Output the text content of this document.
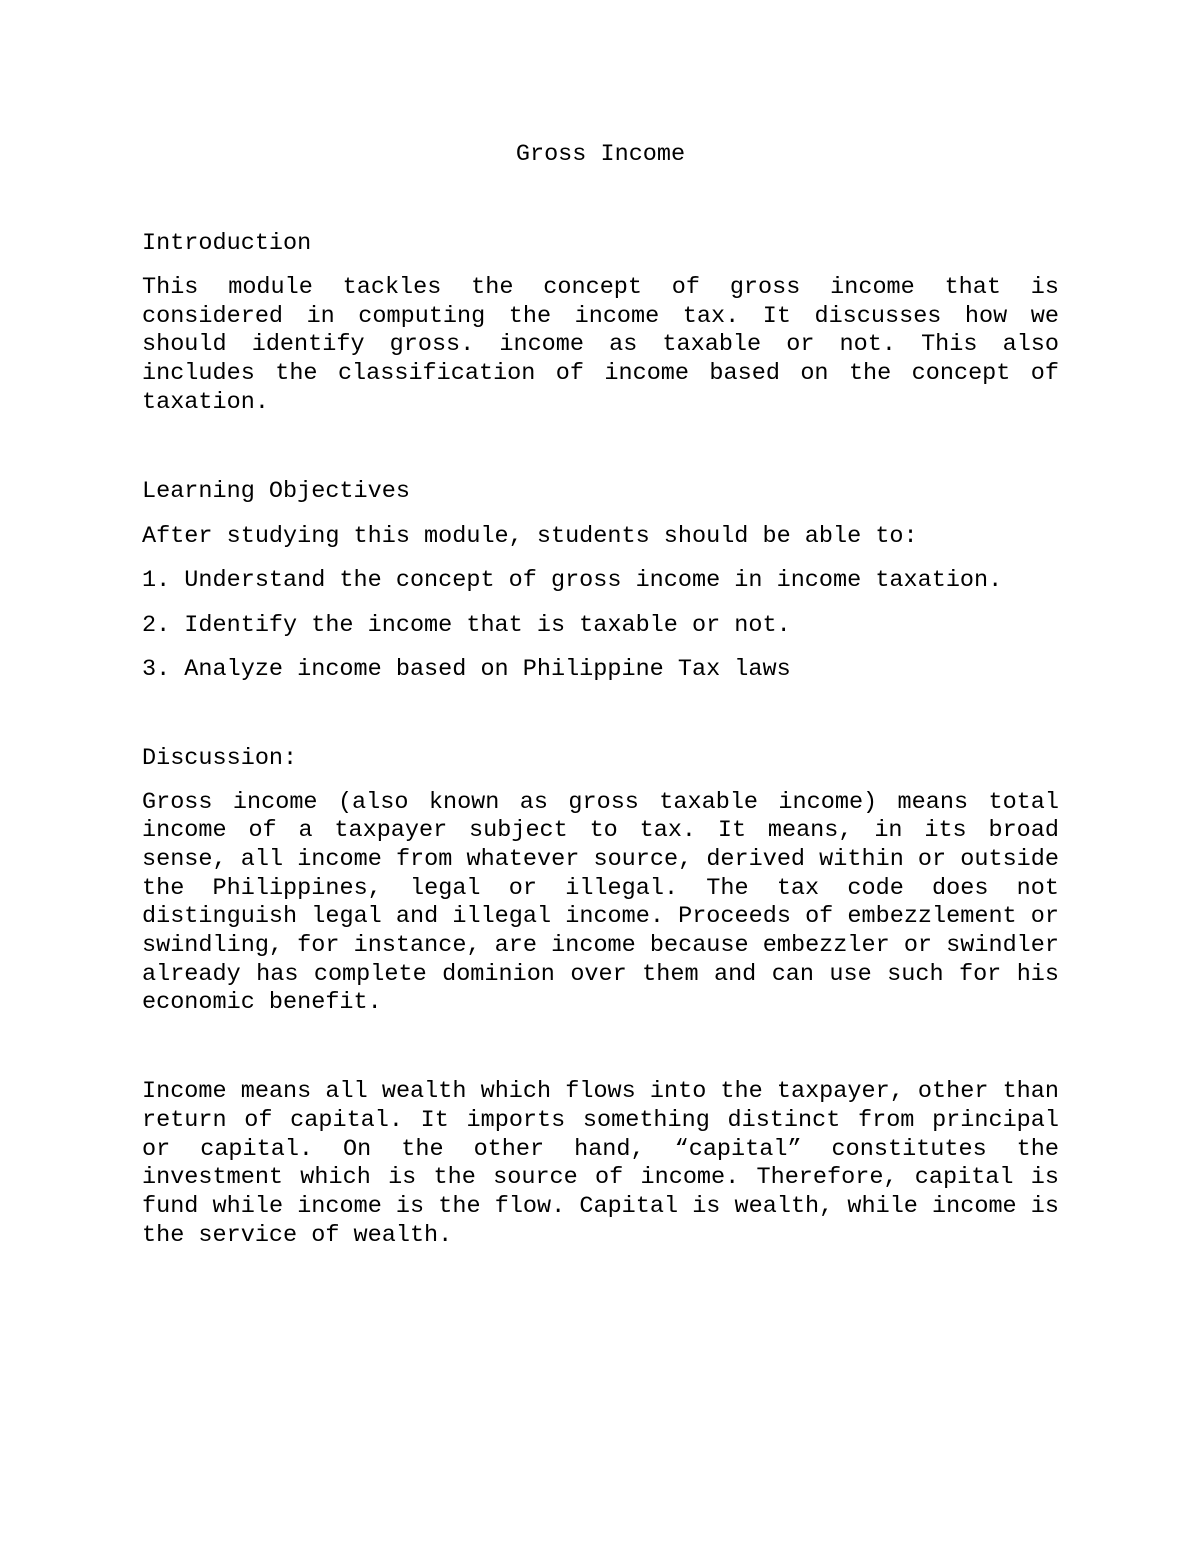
Gross Income
Introduction

This module tackles the concept of gross income that is considered in computing the income tax. It discusses how we should identify gross. income as taxable or not. This also includes the classification of income based on the concept of taxation.

Learning Objectives

After studying this module, students should be able to:

1. Understand the concept of gross income in income taxation.

2. Identify the income that is taxable or not.

3. Analyze income based on Philippine Tax laws

Discussion:

Gross income (also known as gross taxable income) means total income of a taxpayer subject to tax. It means, in its broad sense, all income from whatever source, derived within or outside the Philippines, legal or illegal. The tax code does not distinguish legal and illegal income. Proceeds of embezzlement or swindling, for instance, are income because embezzler or swindler already has complete dominion over them and can use such for his economic benefit.

Income means all wealth which flows into the taxpayer, other than return of capital. It imports something distinct from principal or capital. On the other hand, “capital” constitutes the investment which is the source of income. Therefore, capital is fund while income is the flow. Capital is wealth, while income is the service of wealth.
